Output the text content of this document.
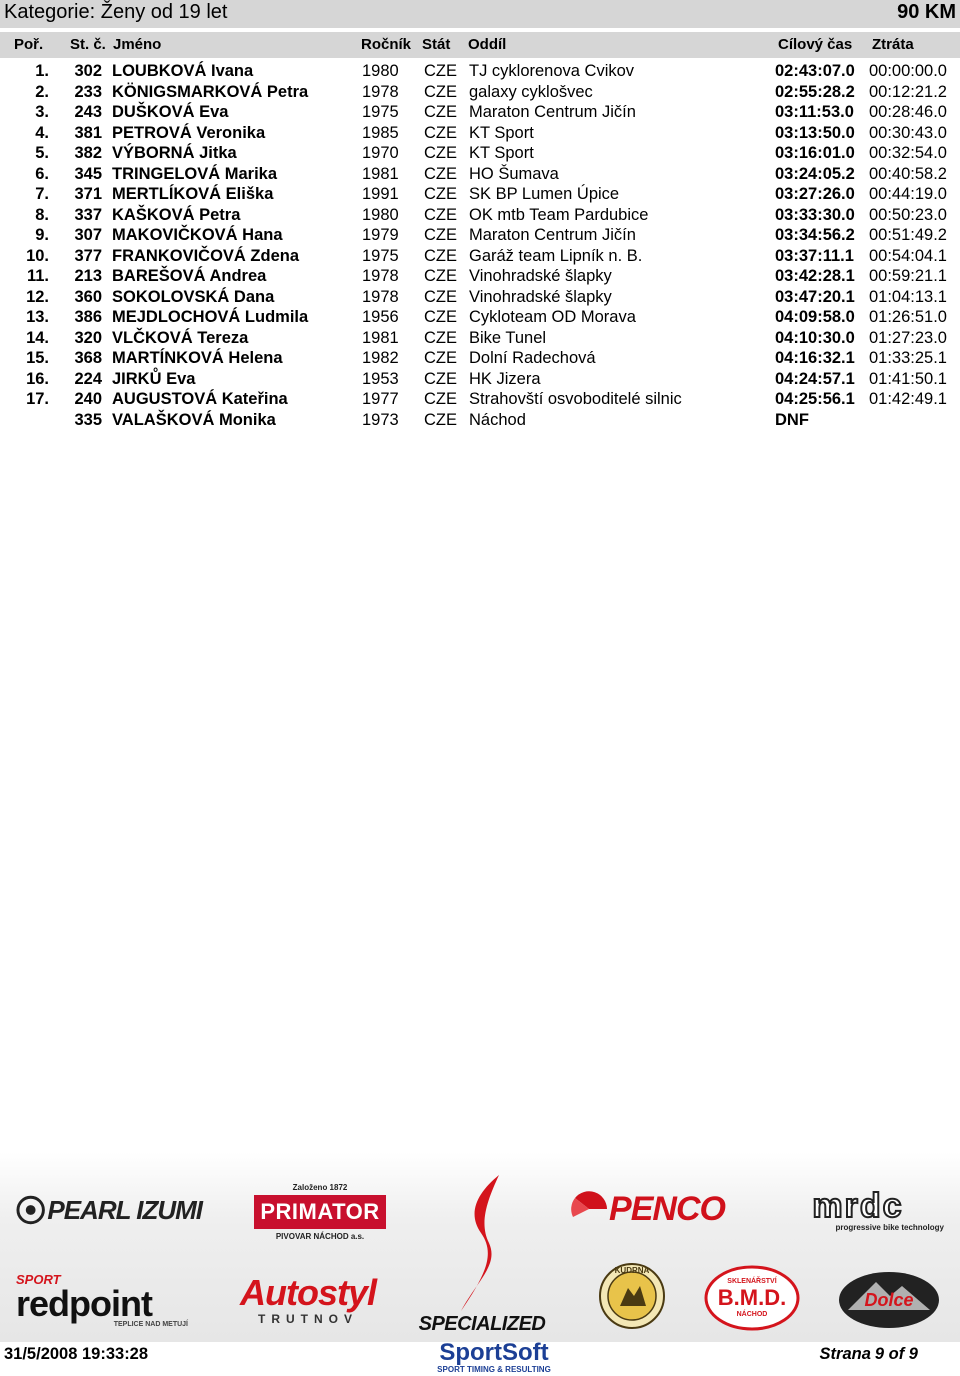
Kategorie: Ženy od 19 let	90 KM
Poř. St. č. Jméno	Ročník Stát Oddíl	Cílový čas Ztráta
1.	302 LOUBKOVÁ Ivana	1980 CZE TJ cyklorenova Cvikov	02:43:07.0 00:00:00.0
2.	233 KÖNIGSMARKOVÁ Petra	1978 CZE galaxy cyklošvec	02:55:28.2 00:12:21.2
3.	243 DUŠKOVÁ Eva	1975 CZE Maraton Centrum Jičín	03:11:53.0 00:28:46.0
4.	381 PETROVÁ Veronika	1985 CZE KT Sport	03:13:50.0 00:30:43.0
5.	382 VÝBORNÁ Jitka	1970 CZE KT Sport	03:16:01.0 00:32:54.0
6.	345 TRINGELOVÁ Marika	1981 CZE HO Šumava	03:24:05.2 00:40:58.2
7.	371 MERTLÍKOVÁ Eliška	1991 CZE SK BP Lumen Úpice	03:27:26.0 00:44:19.0
8.	337 KAŠKOVÁ Petra	1980 CZE OK mtb Team Pardubice	03:33:30.0 00:50:23.0
9.	307 MAKOVIČKOVÁ Hana	1979 CZE Maraton Centrum Jičín	03:34:56.2 00:51:49.2
10.	377 FRANKOVIČOVÁ Zdena	1975 CZE Garáž team Lipník n. B.	03:37:11.1 00:54:04.1
11.	213 BAREŠOVÁ Andrea	1978 CZE Vinohradské šlapky	03:42:28.1 00:59:21.1
12.	360 SOKOLOVSKÁ Dana	1978 CZE Vinohradské šlapky	03:47:20.1 01:04:13.1
13.	386 MEJDLOCHOVÁ Ludmila	1956 CZE Cykloteam OD Morava	04:09:58.0 01:26:51.0
14.	320 VLČKOVÁ Tereza	1981 CZE Bike Tunel	04:10:30.0 01:27:23.0
15.	368 MARTÍNKOVÁ Helena	1982 CZE Dolní Radechová	04:16:32.1 01:33:25.1
16.	224 JIRKŮ Eva	1953 CZE HK Jizera	04:24:57.1 01:41:50.1
17.	240 AUGUSTOVÁ Kateřina	1977 CZE Strahovští osvoboditelé silnic	04:25:56.1 01:42:49.1
335 VALAŠKOVÁ Monika	1973 CZE Náchod	DNF
PEARL IZUMI
Založeno 1872
PRIMATOR
PIVOVAR NÁCHOD a.s.
SPECIALIZED
PENCO	mrdc
progressive bike technology
SPORT
redpoint
TEPLICE NAD METUJÍ
Autostyl
TRUTNOV
KUDRNA
SKLENÁŘSTVÍ
B.M.D.
NÁCHOD
Dolce
31/5/2008 19:33:28	SportSoft
SPORT TIMING & RESULTING
Strana 9 of 9
